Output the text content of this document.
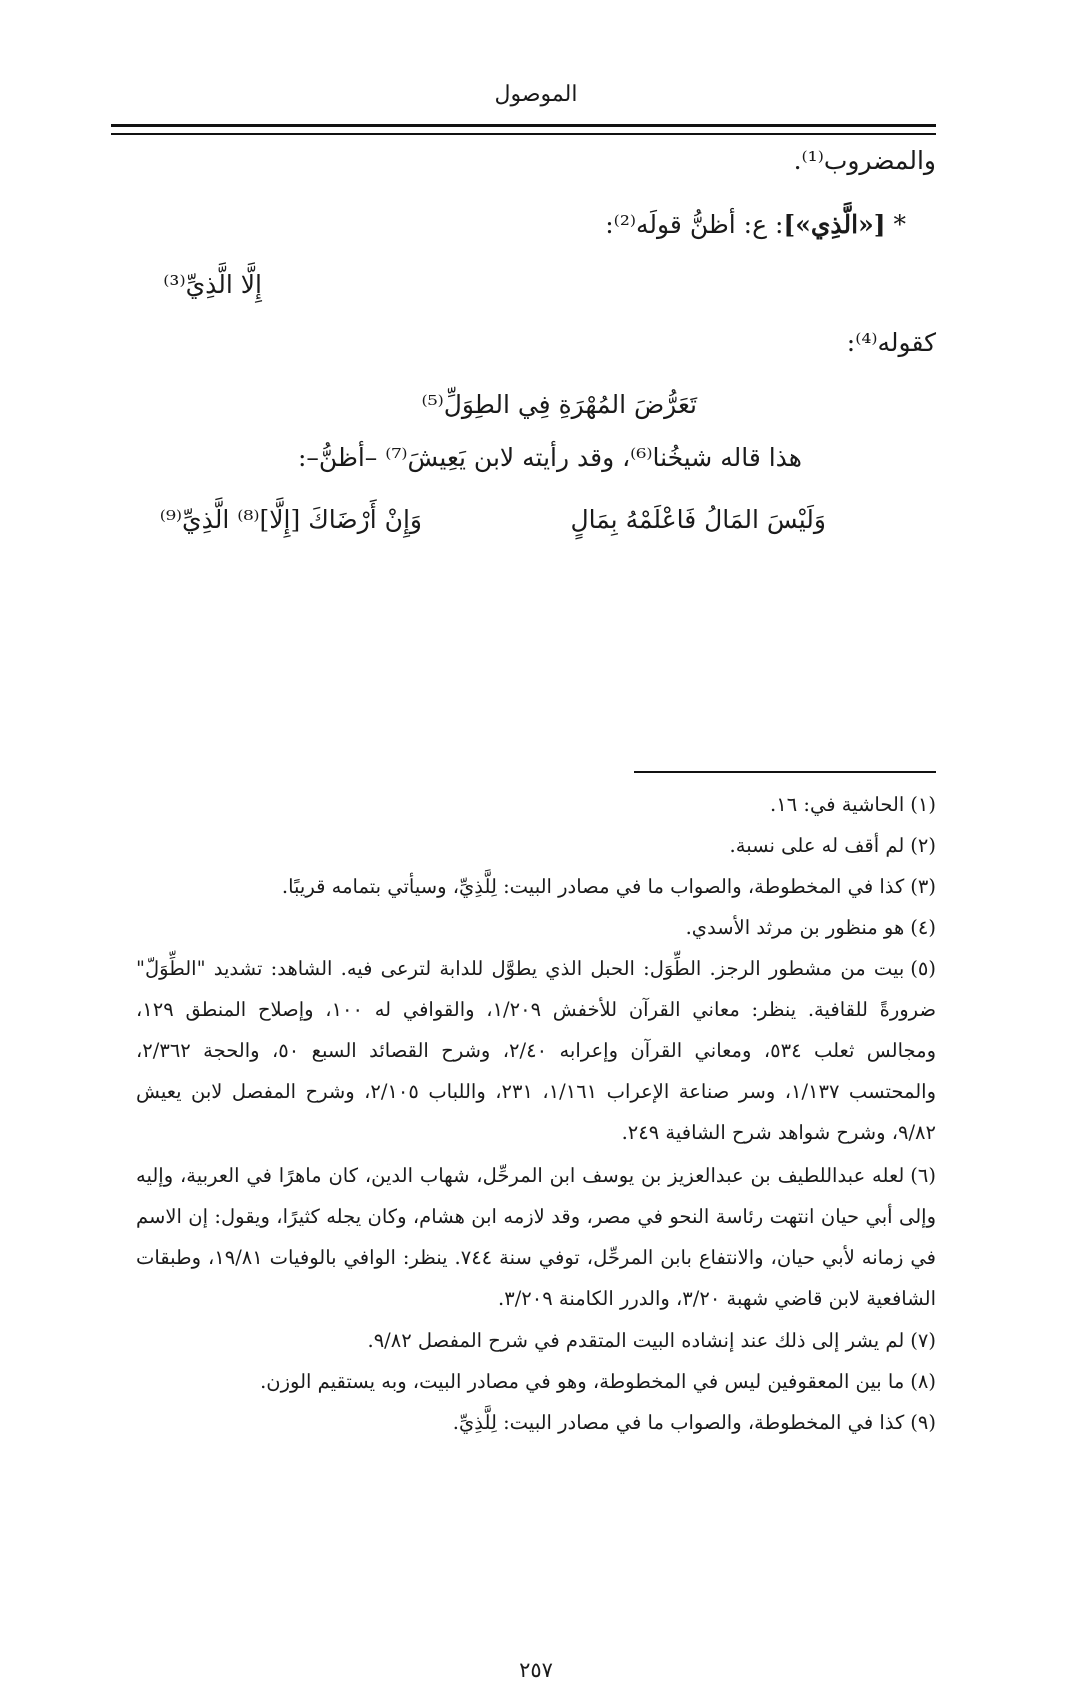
الموصول
والمضروب⁽¹⁾.
* [«الَّذِي»]: ع: أظنُّ قولَه⁽²⁾:
إِلَّا الَّذِيِّ⁽³⁾
كقوله⁽⁴⁾:
تَعَرُّضَ المُهْرَةِ فِي الطِوَلِّ⁽⁵⁾
هذا قاله شيخُنا⁽⁶⁾، وقد رأيته لابن يَعِيشَ⁽⁷⁾ –أظنُّ–:
وَلَيْسَ المَالُ فَاعْلَمْهُ بِمَالٍ
وَإِنْ أَرْضَاكَ [إِلَّا]⁽⁸⁾ الَّذِيِّ⁽⁹⁾
(١)الحاشية في: ١٦.
(٢)لم أقف له على نسبة.
(٣)كذا في المخطوطة، والصواب ما في مصادر البيت: لِلَّذِيِّ، وسيأتي بتمامه قريبًا.
(٤)هو منظور بن مرثد الأسدي.
(٥)بيت من مشطور الرجز. الطِّوَل: الحبل الذي يطوَّل للدابة لترعى فيه. الشاهد: تشديد "الطِّوَلّ" ضرورةً للقافية. ينظر: معاني القرآن للأخفش ١/٢٠٩، والقوافي له ١٠٠، وإصلاح المنطق ١٢٩، ومجالس ثعلب ٥٣٤، ومعاني القرآن وإعرابه ٢/٤٠، وشرح القصائد السبع ٥٠، والحجة ٢/٣٦٢، والمحتسب ١/١٣٧، وسر صناعة الإعراب ١/١٦١، ٢٣١، واللباب ٢/١٠٥، وشرح المفصل لابن يعيش ٩/٨٢، وشرح شواهد شرح الشافية ٢٤٩.
(٦)لعله عبداللطيف بن عبدالعزيز بن يوسف ابن المرحِّل، شهاب الدين، كان ماهرًا في العربية، وإليه وإلى أبي حيان انتهت رئاسة النحو في مصر، وقد لازمه ابن هشام، وكان يجله كثيرًا، ويقول: إن الاسم في زمانه لأبي حيان، والانتفاع بابن المرحِّل، توفي سنة ٧٤٤. ينظر: الوافي بالوفيات ١٩/٨١، وطبقات الشافعية لابن قاضي شهبة ٣/٢٠، والدرر الكامنة ٣/٢٠٩.
(٧)لم يشر إلى ذلك عند إنشاده البيت المتقدم في شرح المفصل ٩/٨٢.
(٨)ما بين المعقوفين ليس في المخطوطة، وهو في مصادر البيت، وبه يستقيم الوزن.
(٩)كذا في المخطوطة، والصواب ما في مصادر البيت: لِلَّذِيِّ.
٢٥٧
